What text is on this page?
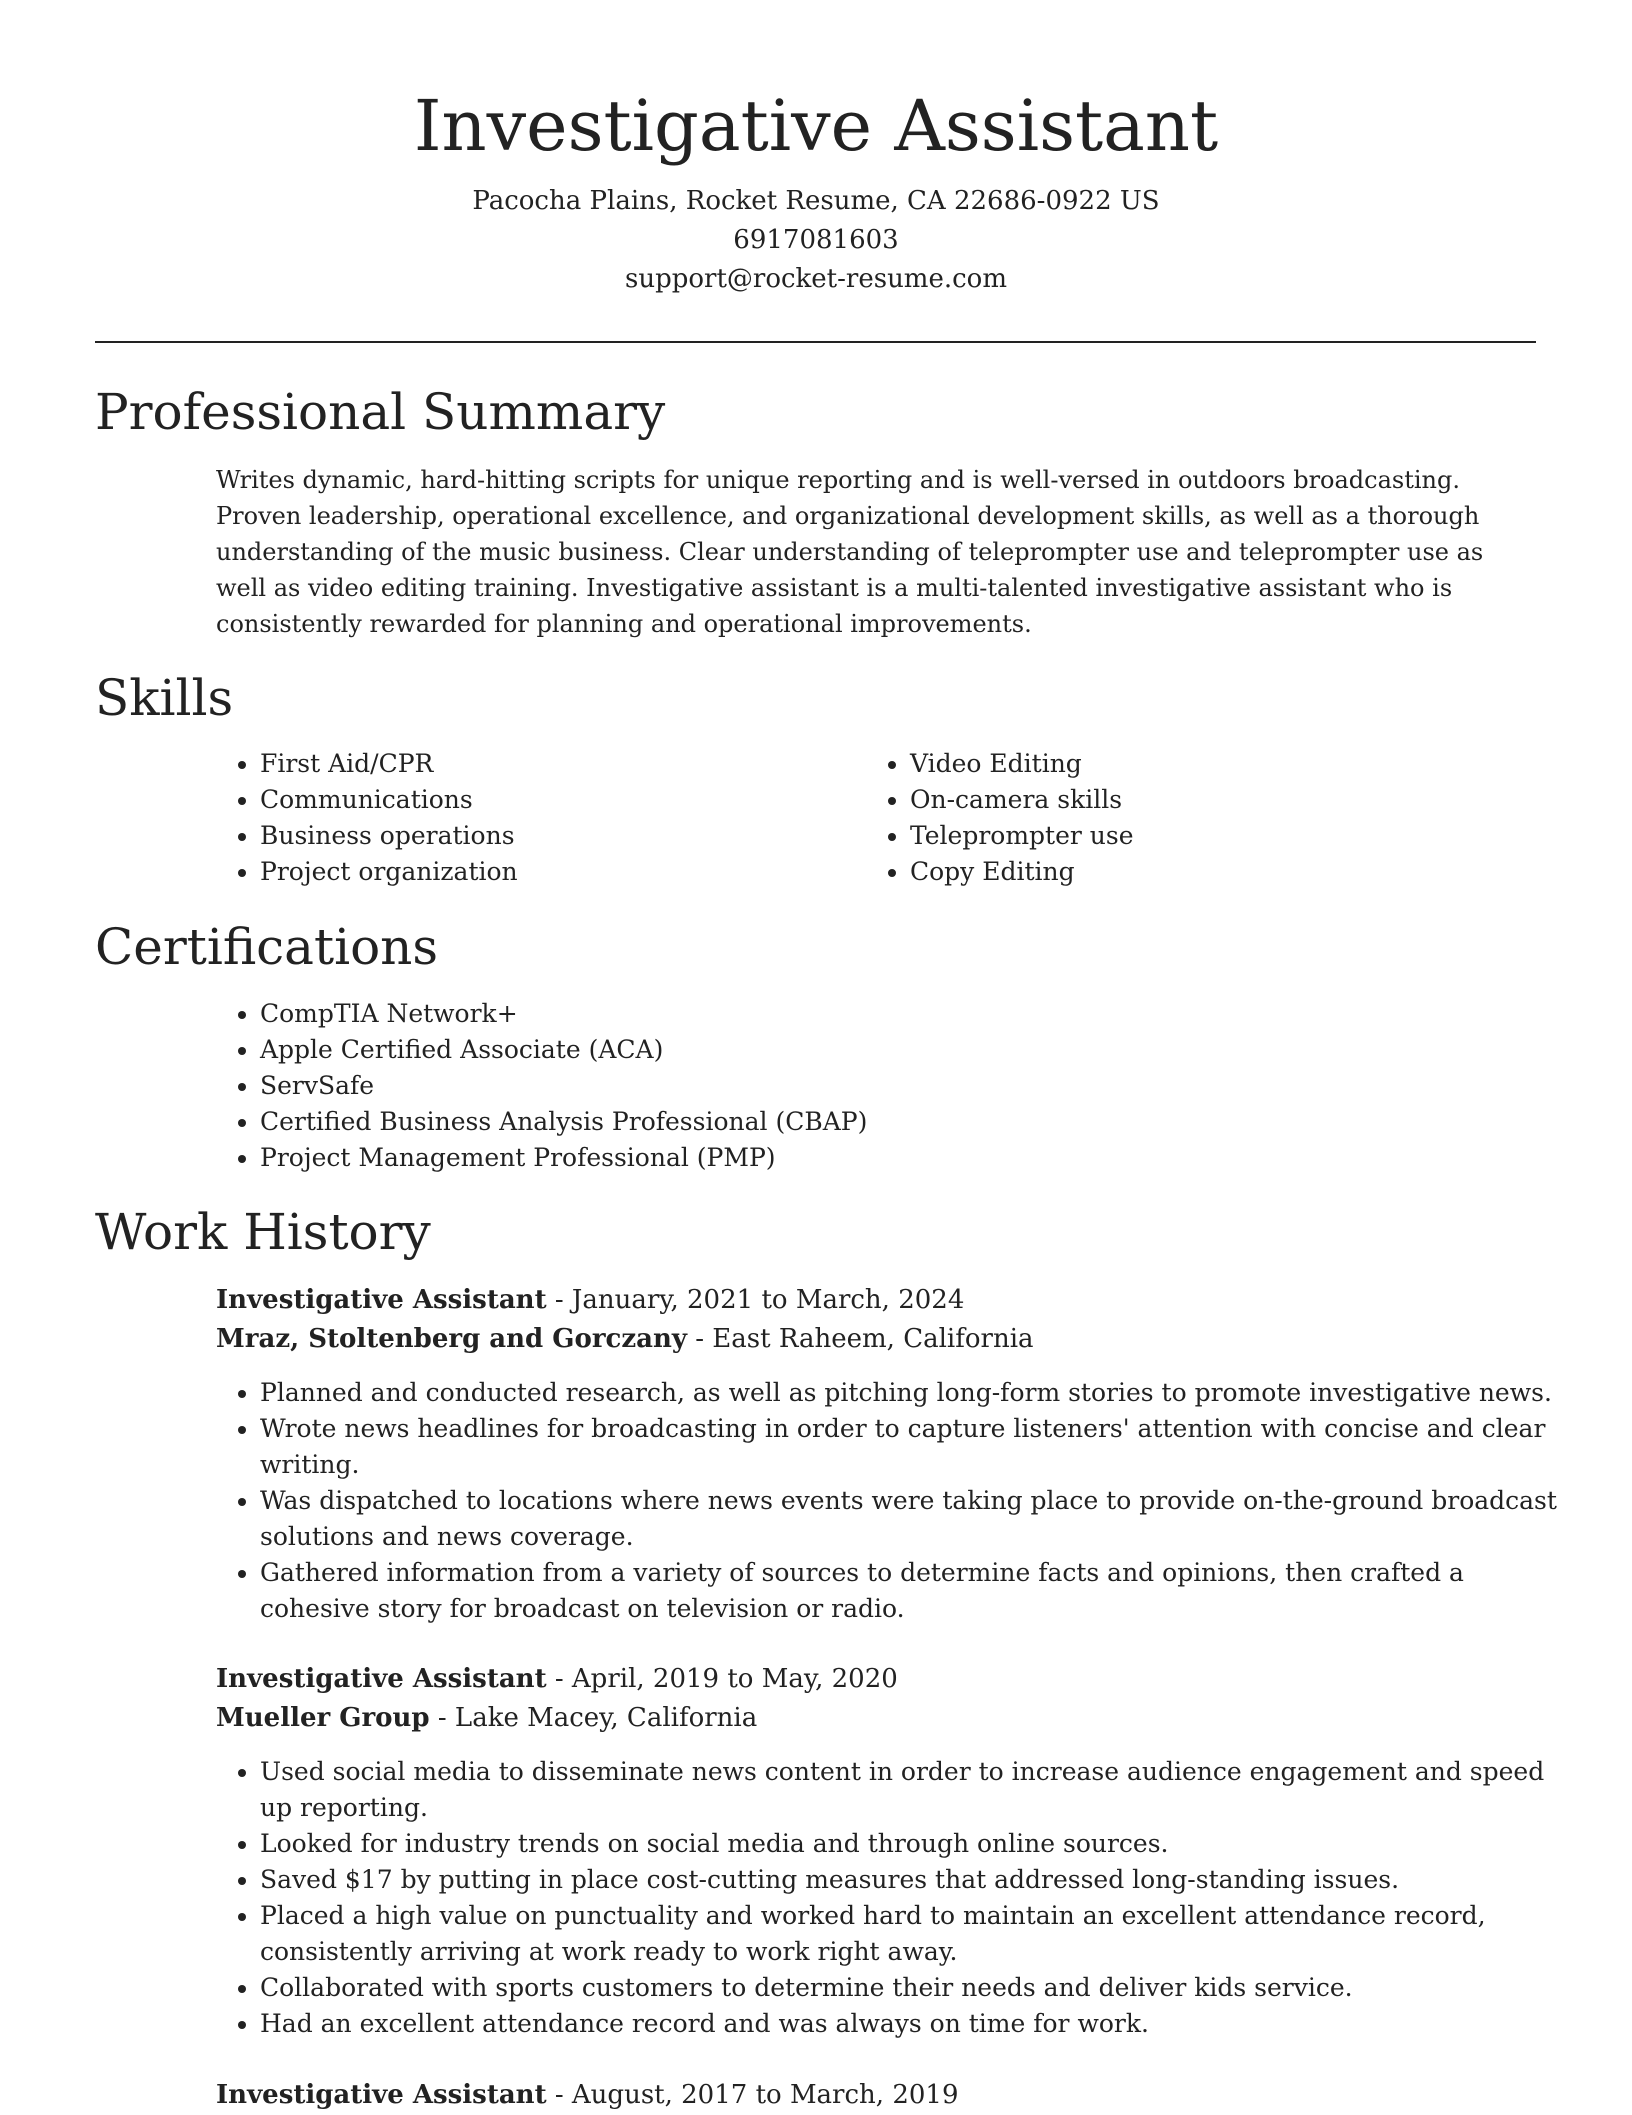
Investigative Assistant
Pacocha Plains, Rocket Resume, CA 22686-0922 US
6917081603
support@rocket-resume.com
Professional Summary

Writes dynamic, hard-hitting scripts for unique reporting and is well-versed in outdoors broadcasting. Proven leadership, operational excellence, and organizational development skills, as well as a thorough understanding of the music business. Clear understanding of teleprompter use and teleprompter use as well as video editing training. Investigative assistant is a multi-talented investigative assistant who is consistently rewarded for planning and operational improvements.

Skills
• First Aid/CPR
• Communications
• Business operations
• Project organization
• Video Editing
• On-camera skills
• Teleprompter use
• Copy Editing
Certifications
• CompTIA Network+
• Apple Certified Associate (ACA)
• ServSafe
• Certified Business Analysis Professional (CBAP)
• Project Management Professional (PMP)
Work History
Investigative Assistant - January, 2021 to March, 2024
Mraz, Stoltenberg and Gorczany - East Raheem, California
• Planned and conducted research, as well as pitching long-form stories to promote investigative news.
• Wrote news headlines for broadcasting in order to capture listeners' attention with concise and clear writing.
• Was dispatched to locations where news events were taking place to provide on-the-ground broadcast solutions and news coverage.
• Gathered information from a variety of sources to determine facts and opinions, then crafted a cohesive story for broadcast on television or radio.
Investigative Assistant - April, 2019 to May, 2020
Mueller Group - Lake Macey, California
• Used social media to disseminate news content in order to increase audience engagement and speed up reporting.
• Looked for industry trends on social media and through online sources.
• Saved $17 by putting in place cost-cutting measures that addressed long-standing issues.
• Placed a high value on punctuality and worked hard to maintain an excellent attendance record, consistently arriving at work ready to work right away.
• Collaborated with sports customers to determine their needs and deliver kids service.
• Had an excellent attendance record and was always on time for work.
Investigative Assistant - August, 2017 to March, 2019
